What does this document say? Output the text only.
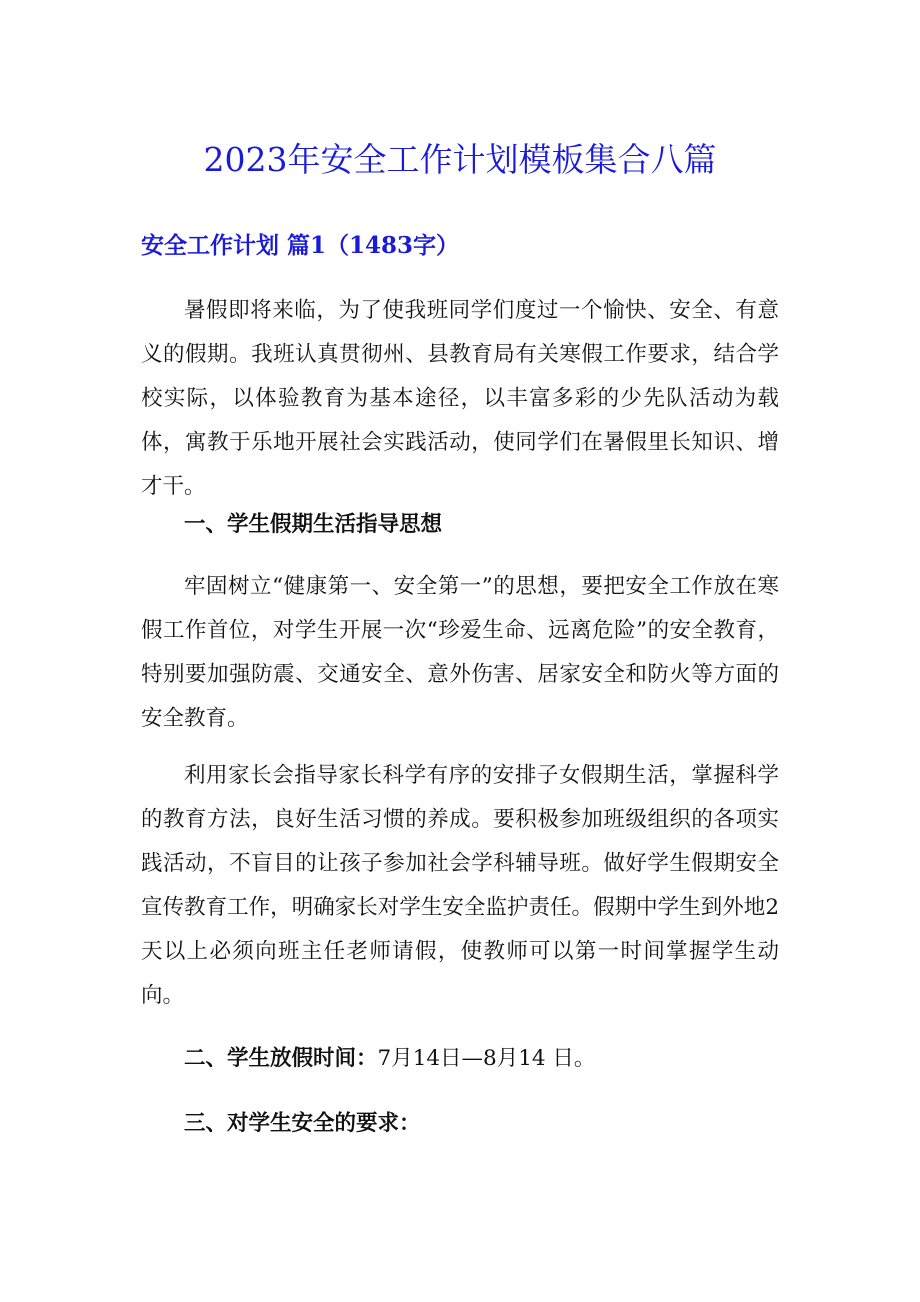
2023年安全工作计划模板集合八篇
安全工作计划 篇1（1483字）

暑假即将来临，为了使我班同学们度过一个愉快、安全、有意义的假期。我班认真贯彻州、县教育局有关寒假工作要求，结合学校实际，以体验教育为基本途径，以丰富多彩的少先队活动为载体，寓教于乐地开展社会实践活动，使同学们在暑假里长知识、增才干。

一、学生假期生活指导思想

牢固树立“健康第一、安全第一”的思想，要把安全工作放在寒假工作首位，对学生开展一次“珍爱生命、远离危险”的安全教育，特别要加强防震、交通安全、意外伤害、居家安全和防火等方面的安全教育。

利用家长会指导家长科学有序的安排子女假期生活，掌握科学的教育方法，良好生活习惯的养成。要积极参加班级组织的各项实践活动，不盲目的让孩子参加社会学科辅导班。做好学生假期安全宣传教育工作，明确家长对学生安全监护责任。假期中学生到外地2天以上必须向班主任老师请假，使教师可以第一时间掌握学生动向。

二、学生放假时间：7月14日—8月14 日。
三、对学生安全的要求：
